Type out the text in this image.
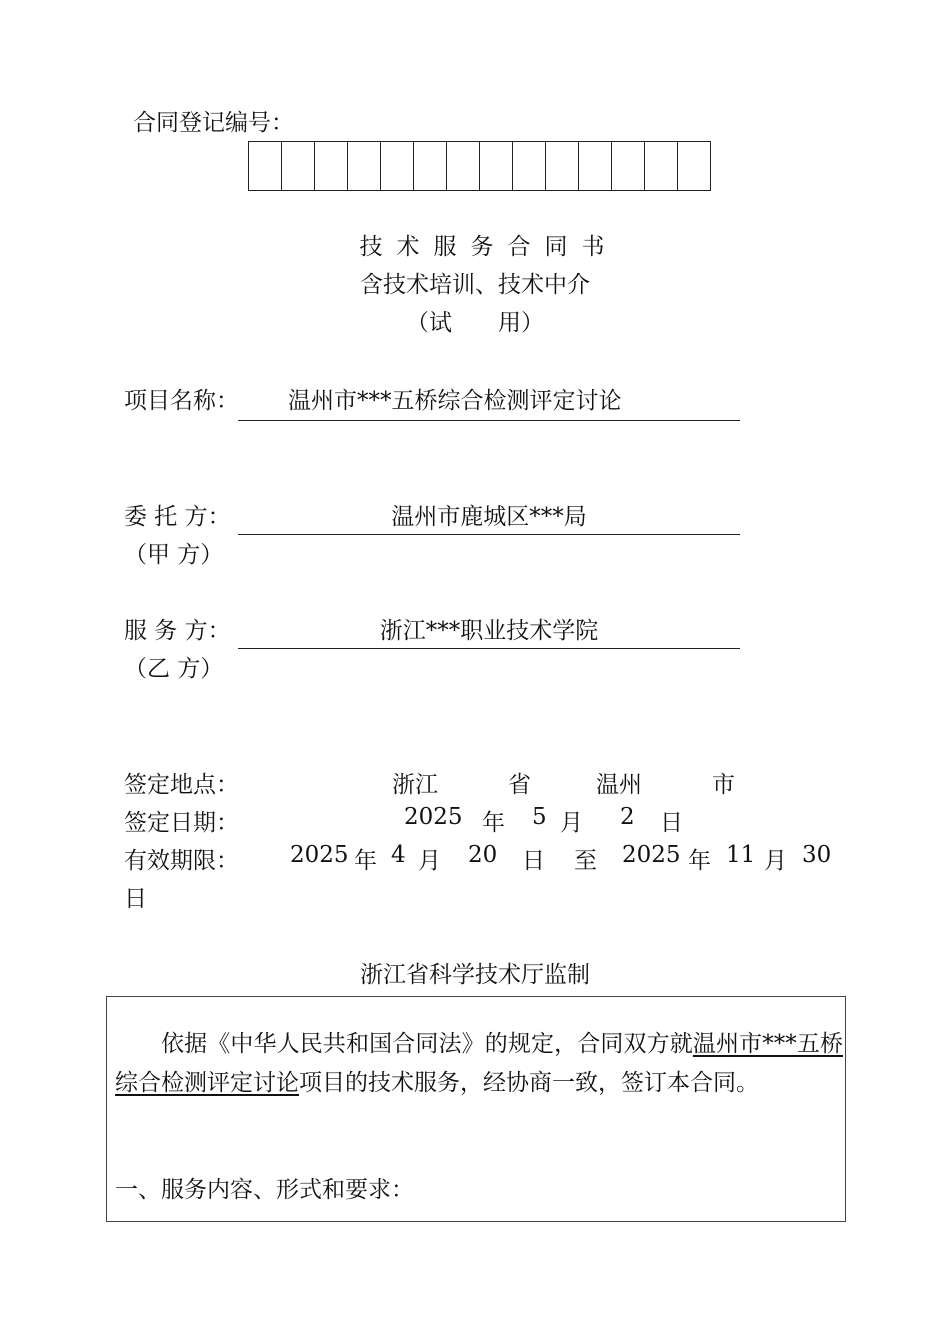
合同登记编号：
技术服务合同书
含技术培训、技术中介
（试　　用）
项目名称： 温州市***五桥综合检测评定讨论
委 托 方：
（甲 方）
温州市鹿城区***局
服 务 方：
（乙 方）
浙江***职业技术学院
签定地点：	浙江	省	温州	市
签定日期：	2025 年 5 月 2 日
有效期限： 2025 年 4 月 20 日 至 2025 年 11 月 30
日
浙江省科学技术厅监制
依据《中华人民共和国合同法》的规定，合同双方就温州市***五桥综合检测评定讨论项目的技术服务，经协商一致，签订本合同。
一、服务内容、形式和要求：
